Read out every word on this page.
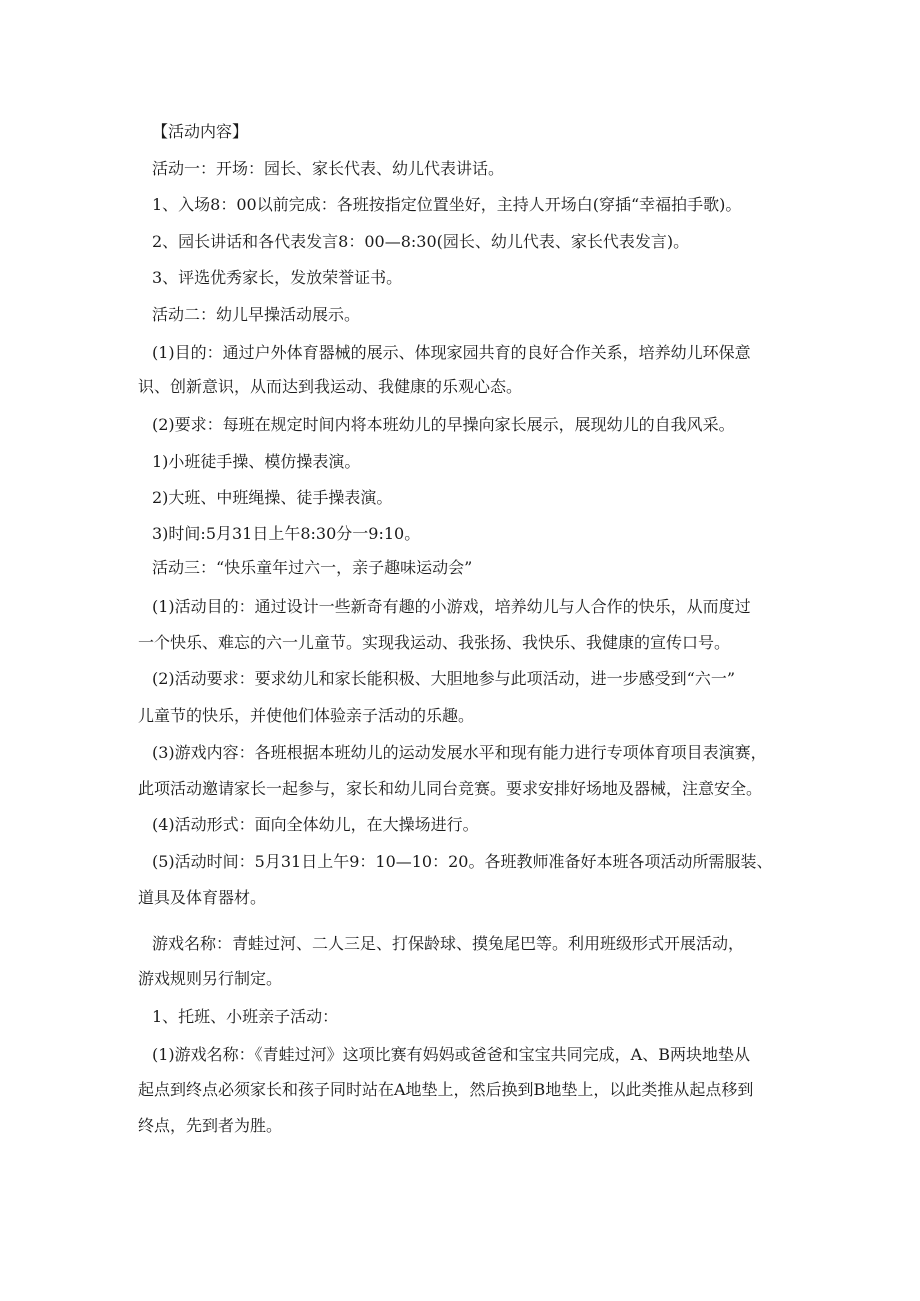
【活动内容】
活动一：开场：园长、家长代表、幼儿代表讲话。
1、入场8：00以前完成：各班按指定位置坐好，主持人开场白(穿插“幸福拍手歌)。
2、园长讲话和各代表发言8：00—8:30(园长、幼儿代表、家长代表发言)。
3、评选优秀家长，发放荣誉证书。
活动二：幼儿早操活动展示。
(1)目的：通过户外体育器械的展示、体现家园共育的良好合作关系，培养幼儿环保意
识、创新意识，从而达到我运动、我健康的乐观心态。
(2)要求：每班在规定时间内将本班幼儿的早操向家长展示，展现幼儿的自我风采。
1)小班徒手操、模仿操表演。
2)大班、中班绳操、徒手操表演。
3)时间:5月31日上午8:30分一9:10。
活动三：“快乐童年过六一，亲子趣味运动会”
(1)活动目的：通过设计一些新奇有趣的小游戏，培养幼儿与人合作的快乐，从而度过
一个快乐、难忘的六一儿童节。实现我运动、我张扬、我快乐、我健康的宣传口号。
(2)活动要求：要求幼儿和家长能积极、大胆地参与此项活动，进一步感受到“六一”
儿童节的快乐，并使他们体验亲子活动的乐趣。
(3)游戏内容：各班根据本班幼儿的运动发展水平和现有能力进行专项体育项目表演赛，
此项活动邀请家长一起参与，家长和幼儿同台竞赛。要求安排好场地及器械，注意安全。
(4)活动形式：面向全体幼儿，在大操场进行。
(5)活动时间：5月31日上午9：10—10：20。各班教师准备好本班各项活动所需服装、
道具及体育器材。
游戏名称：青蛙过河、二人三足、打保龄球、摸兔尾巴等。利用班级形式开展活动，
游戏规则另行制定。
1、托班、小班亲子活动：
(1)游戏名称：《青蛙过河》这项比赛有妈妈或爸爸和宝宝共同完成，A、B两块地垫从
起点到终点必须家长和孩子同时站在A地垫上，然后换到B地垫上，以此类推从起点移到
终点，先到者为胜。
